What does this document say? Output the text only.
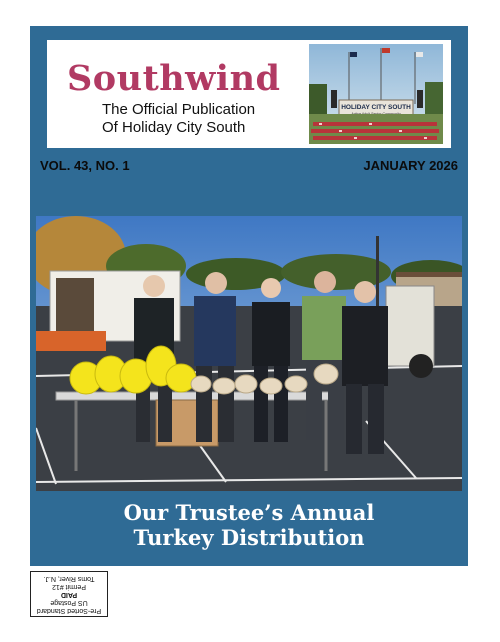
Southwind
The Official Publication
Of Holiday City South
HOLIDAY CITY SOUTH
VOL. 43, NO. 1	JANUARY 2026
Our Trustee’s Annual
Turkey Distribution
Pre-Sorted Standard
US Postage
PAID
Permit #12
Toms River, N.J.
